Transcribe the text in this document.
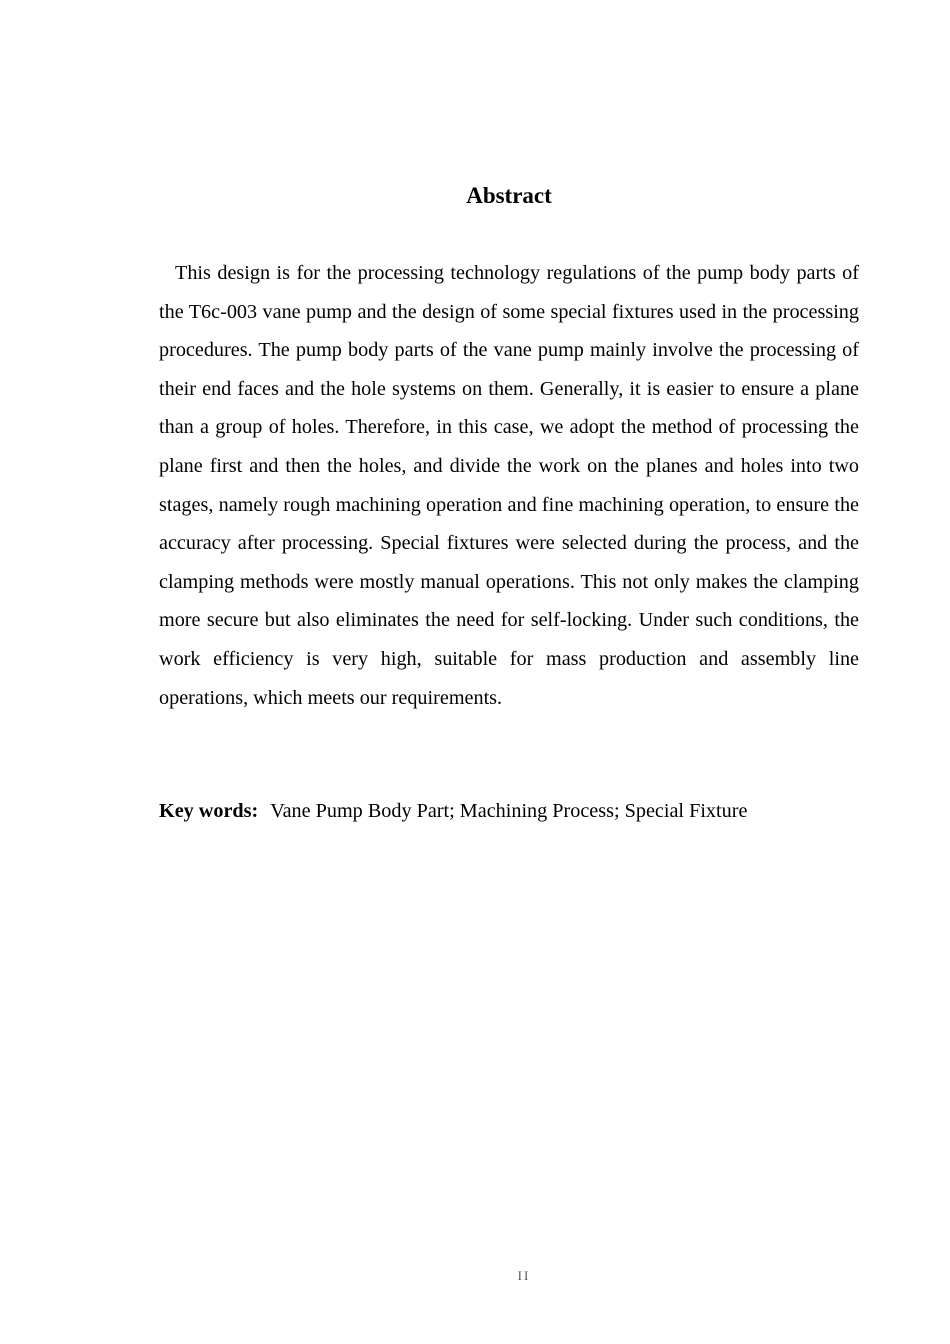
Abstract

This design is for the processing technology regulations of the pump body parts of the T6c-003 vane pump and the design of some special fixtures used in the processing procedures. The pump body parts of the vane pump mainly involve the processing of their end faces and the hole systems on them. Generally, it is easier to ensure a plane than a group of holes. Therefore, in this case, we adopt the method of processing the plane first and then the holes, and divide the work on the planes and holes into two stages, namely rough machining operation and fine machining operation, to ensure the accuracy after processing. Special fixtures were selected during the process, and the clamping methods were mostly manual operations. This not only makes the clamping more secure but also eliminates the need for self-locking. Under such conditions, the work efficiency is very high, suitable for mass production and assembly line operations, which meets our requirements.

Key words: Vane Pump Body Part; Machining Process; Special Fixture
II
